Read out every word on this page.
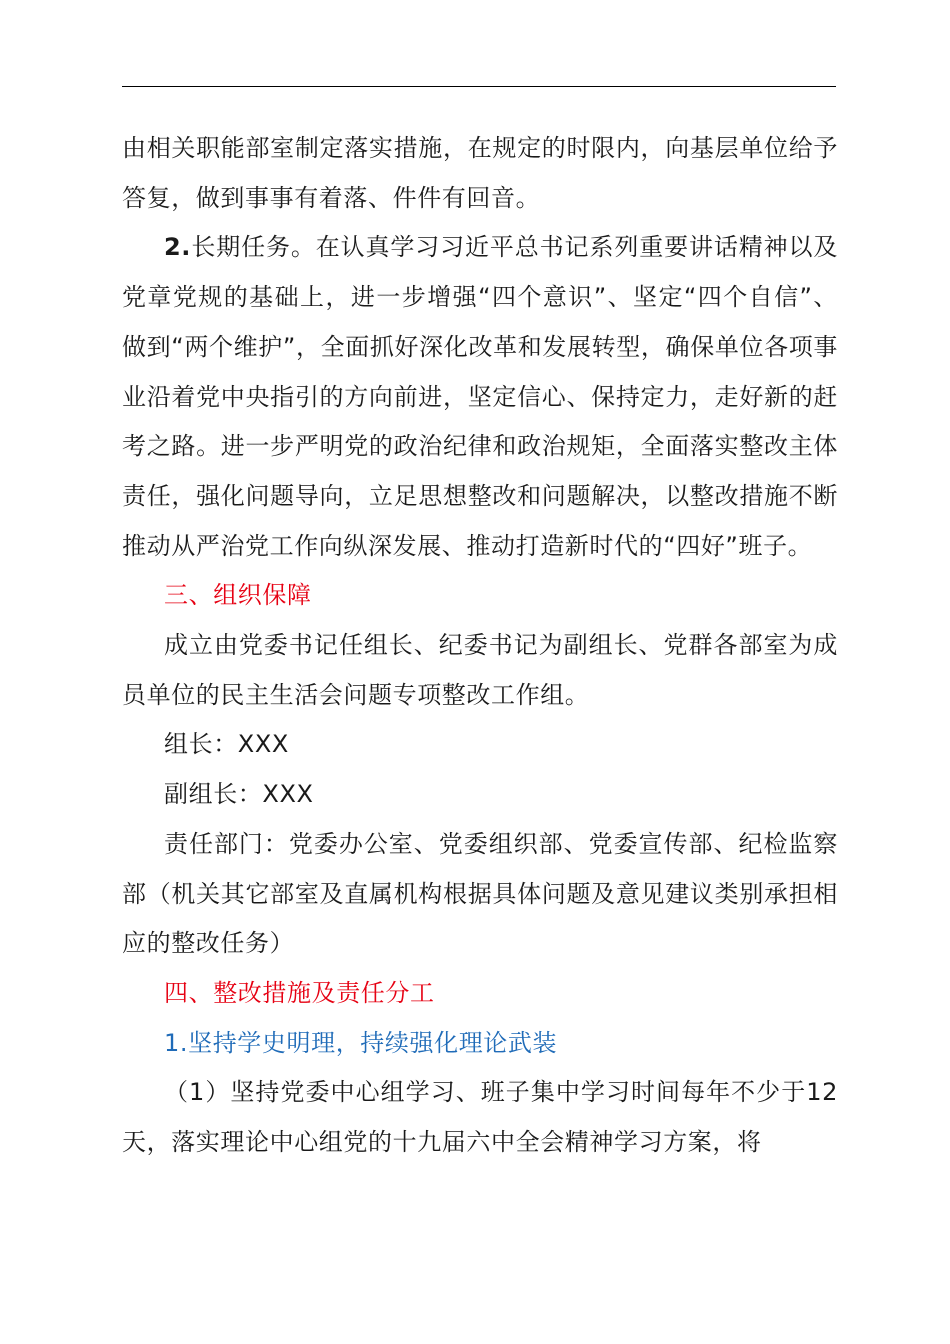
由相关职能部室制定落实措施，在规定的时限内，向基层单位给予答复，做到事事有着落、件件有回音。

2.长期任务。在认真学习习近平总书记系列重要讲话精神以及党章党规的基础上，进一步增强“四个意识”、坚定“四个自信”、做到“两个维护”，全面抓好深化改革和发展转型，确保单位各项事业沿着党中央指引的方向前进，坚定信心、保持定力，走好新的赶考之路。进一步严明党的政治纪律和政治规矩，全面落实整改主体责任，强化问题导向，立足思想整改和问题解决，以整改措施不断推动从严治党工作向纵深发展、推动打造新时代的“四好”班子。

三、组织保障

成立由党委书记任组长、纪委书记为副组长、党群各部室为成员单位的民主生活会问题专项整改工作组。

组长：XXX

副组长：XXX

责任部门：党委办公室、党委组织部、党委宣传部、纪检监察部（机关其它部室及直属机构根据具体问题及意见建议类别承担相应的整改任务）

四、整改措施及责任分工

1.坚持学史明理，持续强化理论武装

（1）坚持党委中心组学习、班子集中学习时间每年不少于12天，落实理论中心组党的十九届六中全会精神学习方案，将
